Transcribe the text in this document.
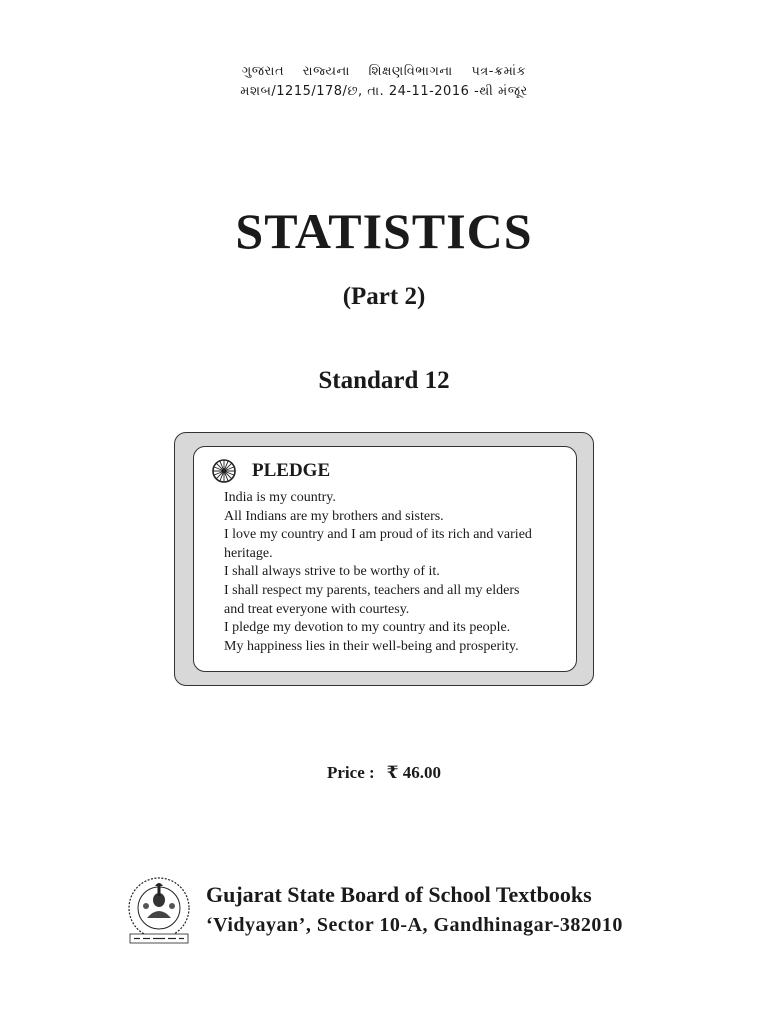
ગુજરાત રાજ્યના શિક્ષણવિભાગના પત્ર-ક્રમાંક
મશબ/1215/178/છ, તા. 24-11-2016 -થી મંજૂર
STATISTICS
(Part 2)
Standard 12
PLEDGE
India is my country.
All Indians are my brothers and sisters.
I love my country and I am proud of its rich and varied
heritage.
I shall always strive to be worthy of it.
I shall respect my parents, teachers and all my elders
and treat everyone with courtesy.
I pledge my devotion to my country and its people.
My happiness lies in their well-being and prosperity.
Price : ₹ 46.00
Gujarat State Board of School Textbooks
‘Vidyayan’, Sector 10-A, Gandhinagar-382010
